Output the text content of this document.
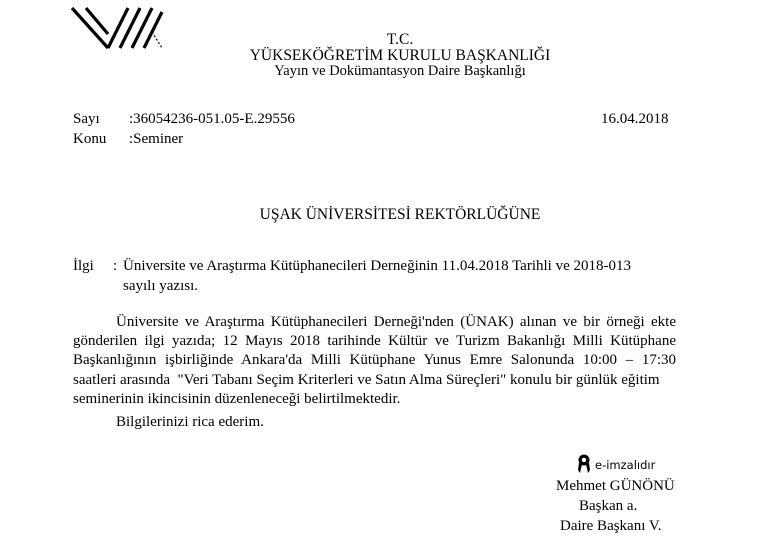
T.C.
YÜKSEKÖĞRETİM KURULU BAŞKANLIĞI
Yayın ve Dokümantasyon Daire Başkanlığı
Sayı :36054236-051.05-E.29556	16.04.2018
Konu :Seminer
UŞAK ÜNİVERSİTESİ REKTÖRLÜĞÜNE
İlgi : Üniversite ve Araştırma Kütüphanecileri Derneğinin 11.04.2018 Tarihli ve 2018-013
sayılı yazısı.
Üniversite ve Araştırma Kütüphanecileri Derneği'nden (ÜNAK) alınan ve bir örneği ekte
gönderilen ilgi yazıda; 12 Mayıs 2018 tarihinde Kültür ve Turizm Bakanlığı Milli Kütüphane
Başkanlığının işbirliğinde Ankara'da Milli Kütüphane Yunus Emre Salonunda 10:00 – 17:30
saatleri arasında  "Veri Tabanı Seçim Kriterleri ve Satın Alma Süreçleri" konulu bir günlük eğitim
seminerinin ikincisinin düzenleneceği belirtilmektedir.
Bilgilerinizi rica ederim.
e-imzalıdır
Mehmet GÜNÖNÜ
Başkan a.
Daire Başkanı V.
